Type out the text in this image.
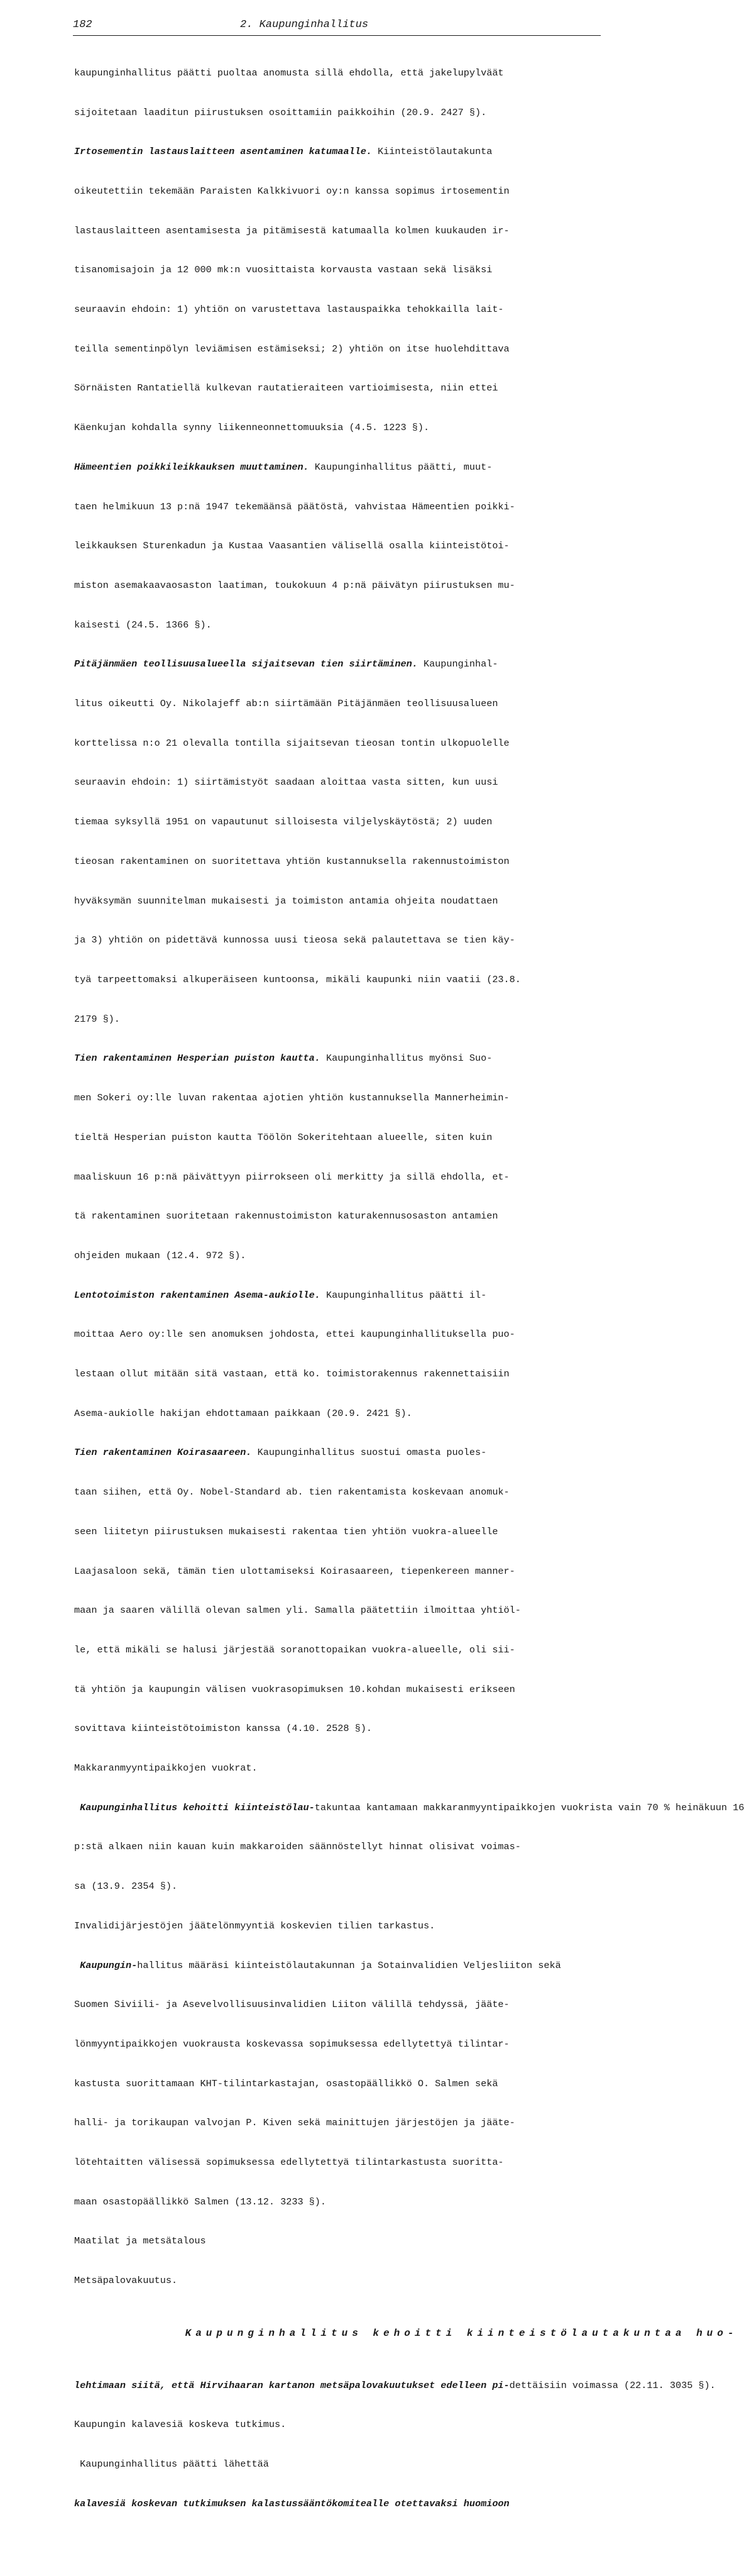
182	2. Kaupunginhallitus

kaupunginhallitus päätti puoltaa anomusta sillä ehdolla, että jakelupylväät

sijoitetaan laaditun piirustuksen osoittamiin paikkoihin (20.9. 2427 §).

Irtosementin lastauslaitteen asentaminen katumaalle. Kiinteistölautakunta

oikeutettiin tekemään Paraisten Kalkkivuori oy:n kanssa sopimus irtosementin

lastauslaitteen asentamisesta ja pitämisestä katumaalla kolmen kuukauden ir-

tisanomisajoin ja 12 000 mk:n vuosittaista korvausta vastaan sekä lisäksi

seuraavin ehdoin: 1) yhtiön on varustettava lastauspaikka tehokkailla lait-

teilla sementinpölyn leviämisen estämiseksi; 2) yhtiön on itse huolehdittava

Sörnäisten Rantatiellä kulkevan rautatieraiteen vartioimisesta, niin ettei

Käenkujan kohdalla synny liikenneonnettomuuksia (4.5. 1223 §).

Hämeentien poikkileikkauksen muuttaminen. Kaupunginhallitus päätti, muut-

taen helmikuun 13 p:nä 1947 tekemäänsä päätöstä, vahvistaa Hämeentien poikki-

leikkauksen Sturenkadun ja Kustaa Vaasantien välisellä osalla kiinteistötoi-

miston asemakaavaosaston laatiman, toukokuun 4 p:nä päivätyn piirustuksen mu-

kaisesti (24.5. 1366 §).

Pitäjänmäen teollisuusalueella sijaitsevan tien siirtäminen. Kaupunginhal-

litus oikeutti Oy. Nikolajeff ab:n siirtämään Pitäjänmäen teollisuusalueen

korttelissa n:o 21 olevalla tontilla sijaitsevan tieosan tontin ulkopuolelle

seuraavin ehdoin: 1) siirtämistyöt saadaan aloittaa vasta sitten, kun uusi

tiemaa syksyllä 1951 on vapautunut silloisesta viljelyskäytöstä; 2) uuden

tieosan rakentaminen on suoritettava yhtiön kustannuksella rakennustoimiston

hyväksymän suunnitelman mukaisesti ja toimiston antamia ohjeita noudattaen

ja 3) yhtiön on pidettävä kunnossa uusi tieosa sekä palautettava se tien käy-

tyä tarpeettomaksi alkuperäiseen kuntoonsa, mikäli kaupunki niin vaatii (23.8.

2179 §).

Tien rakentaminen Hesperian puiston kautta. Kaupunginhallitus myönsi Suo-

men Sokeri oy:lle luvan rakentaa ajotien yhtiön kustannuksella Mannerheimin-

tieltä Hesperian puiston kautta Töölön Sokeritehtaan alueelle, siten kuin

maaliskuun 16 p:nä päivättyyn piirrokseen oli merkitty ja sillä ehdolla, et-

tä rakentaminen suoritetaan rakennustoimiston katurakennusosaston antamien

ohjeiden mukaan (12.4. 972 §).

Lentotoimiston rakentaminen Asema-aukiolle. Kaupunginhallitus päätti il-

moittaa Aero oy:lle sen anomuksen johdosta, ettei kaupunginhallituksella puo-

lestaan ollut mitään sitä vastaan, että ko. toimistorakennus rakennettaisiin

Asema-aukiolle hakijan ehdottamaan paikkaan (20.9. 2421 §).

Tien rakentaminen Koirasaareen. Kaupunginhallitus suostui omasta puoles-

taan siihen, että Oy. Nobel-Standard ab. tien rakentamista koskevaan anomuk-

seen liitetyn piirustuksen mukaisesti rakentaa tien yhtiön vuokra-alueelle

Laajasaloon sekä, tämän tien ulottamiseksi Koirasaareen, tiepenkereen manner-

maan ja saaren välillä olevan salmen yli. Samalla päätettiin ilmoittaa yhtiöl-

le, että mikäli se halusi järjestää soranottopaikan vuokra-alueelle, oli sii-

tä yhtiön ja kaupungin välisen vuokrasopimuksen 10.kohdan mukaisesti erikseen

sovittava kiinteistötoimiston kanssa (4.10. 2528 §).

Makkaranmyyntipaikkojen vuokrat.

Kaupunginhallitus kehoitti kiinteistölau-takuntaa kantamaan makkaranmyyntipaikkojen vuokrista vain 70 % heinäkuun 16

p:stä alkaen niin kauan kuin makkaroiden säännöstellyt hinnat olisivat voimas-

sa (13.9. 2354 §).

Invalidijärjestöjen jäätelönmyyntiä koskevien tilien tarkastus.

Kaupungin-hallitus määräsi kiinteistölautakunnan ja Sotainvalidien Veljesliiton sekä

Suomen Siviili- ja Asevelvollisuusinvalidien Liiton välillä tehdyssä, jääte-

lönmyyntipaikkojen vuokrausta koskevassa sopimuksessa edellytettyä tilintar-

kastusta suorittamaan KHT-tilintarkastajan, osastopäällikkö O. Salmen sekä

halli- ja torikaupan valvojan P. Kiven sekä mainittujen järjestöjen ja jääte-

lötehtaitten välisessä sopimuksessa edellytettyä tilintarkastusta suoritta-

maan osastopäällikkö Salmen (13.12. 3233 §).

Maatilat ja metsätalous

Metsäpalovakuutus.

Kaupunginhallitus kehoitti kiinteistölautakuntaa huo-

lehtimaan siitä, että Hirvihaaran kartanon metsäpalovakuutukset edelleen pi-dettäisiin voimassa (22.11. 3035 §).

Kaupungin kalavesiä koskeva tutkimus.

Kaupunginhallitus päätti lähettää

kalavesiä koskevan tutkimuksen kalastussääntökomitealle otettavaksi huomioon
